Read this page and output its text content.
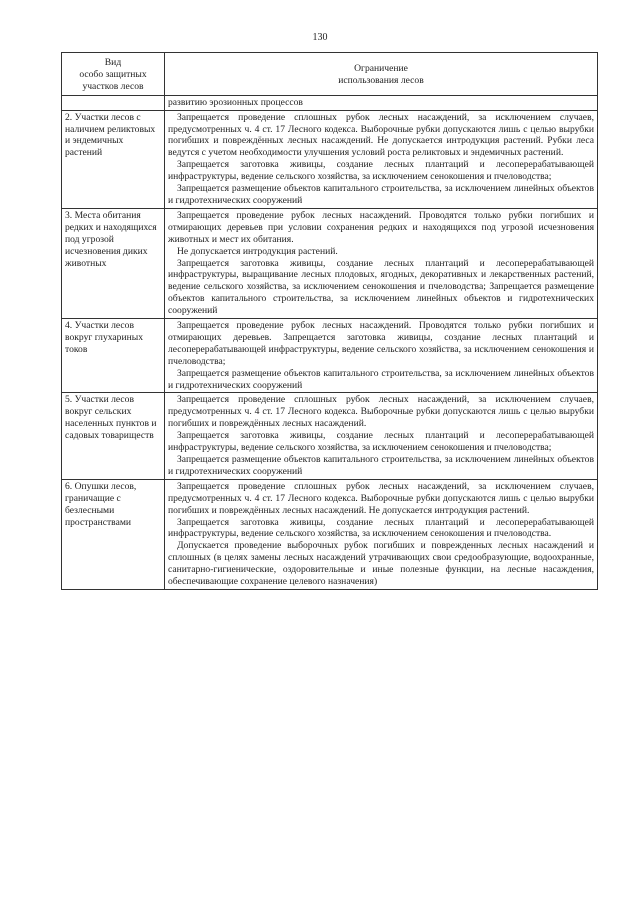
130
Вид
особо защитных
участков лесов	Ограничение
использования лесов

	развитию эрозионных процессов

2. Участки лесов с наличием реликтовых и эндемичных растений	Запрещается проведение сплошных рубок лесных насаждений, за исключением случаев, предусмотренных ч. 4 ст. 17 Лесного кодекса. Выборочные рубки допускаются лишь с целью вырубки погибших и повреждённых лесных насаждений. Не допускается интродукция растений. Рубки леса ведутся с учетом необходимости улучшения условий роста реликтовых и эндемичных растений.

Запрещается заготовка живицы, создание лесных плантаций и лесоперерабатывающей инфраструктуры, ведение сельского хозяйства, за исключением сенокошения и пчеловодства;

Запрещается размещение объектов капитального строительства, за исключением линейных объектов и гидротехнических сооружений

3. Места обитания редких и находящихся под угрозой исчезновения диких животных	Запрещается проведение рубок лесных насаждений. Проводятся только рубки погибших и отмирающих деревьев при условии сохранения редких и находящихся под угрозой исчезновения животных и мест их обитания.

Не допускается интродукция растений.

Запрещается заготовка живицы, создание лесных плантаций и лесоперерабатывающей инфраструктуры, выращивание лесных плодовых, ягодных, декоративных и лекарственных растений, ведение сельского хозяйства, за исключением сенокошения и пчеловодства; Запрещается размещение объектов капитального строительства, за исключением линейных объектов и гидротехнических сооружений

4. Участки лесов вокруг глухариных токов	Запрещается проведение рубок лесных насаждений. Проводятся только рубки погибших и отмирающих деревьев. Запрещается заготовка живицы, создание лесных плантаций и лесоперерабатывающей инфраструктуры, ведение сельского хозяйства, за исключением сенокошения и пчеловодства;

Запрещается размещение объектов капитального строительства, за исключением линейных объектов и гидротехнических сооружений

5. Участки лесов вокруг сельских населенных пунктов и садовых товариществ	Запрещается проведение сплошных рубок лесных насаждений, за исключением случаев, предусмотренных ч. 4 ст. 17 Лесного кодекса. Выборочные рубки допускаются лишь с целью вырубки погибших и повреждённых лесных насаждений.

Запрещается заготовка живицы, создание лесных плантаций и лесоперерабатывающей инфраструктуры, ведение сельского хозяйства, за исключением сенокошения и пчеловодства;

Запрещается размещение объектов капитального строительства, за исключением линейных объектов и гидротехнических сооружений

6. Опушки лесов, граничащие с безлесными пространствами	Запрещается проведение сплошных рубок лесных насаждений, за исключением случаев, предусмотренных ч. 4 ст. 17 Лесного кодекса. Выборочные рубки допускаются лишь с целью вырубки погибших и повреждённых лесных насаждений. Не допускается интродукция растений.

Запрещается заготовка живицы, создание лесных плантаций и лесоперерабатывающей инфраструктуры, ведение сельского хозяйства, за исключением сенокошения и пчеловодства.

Допускается проведение выборочных рубок погибших и поврежденных лесных насаждений и сплошных (в целях замены лесных насаждений утрачивающих свои средообразующие, водоохранные, санитарно-гигиенические, оздоровительные и иные полезные функции, на лесные насаждения, обеспечивающие сохранение целевого назначения)
